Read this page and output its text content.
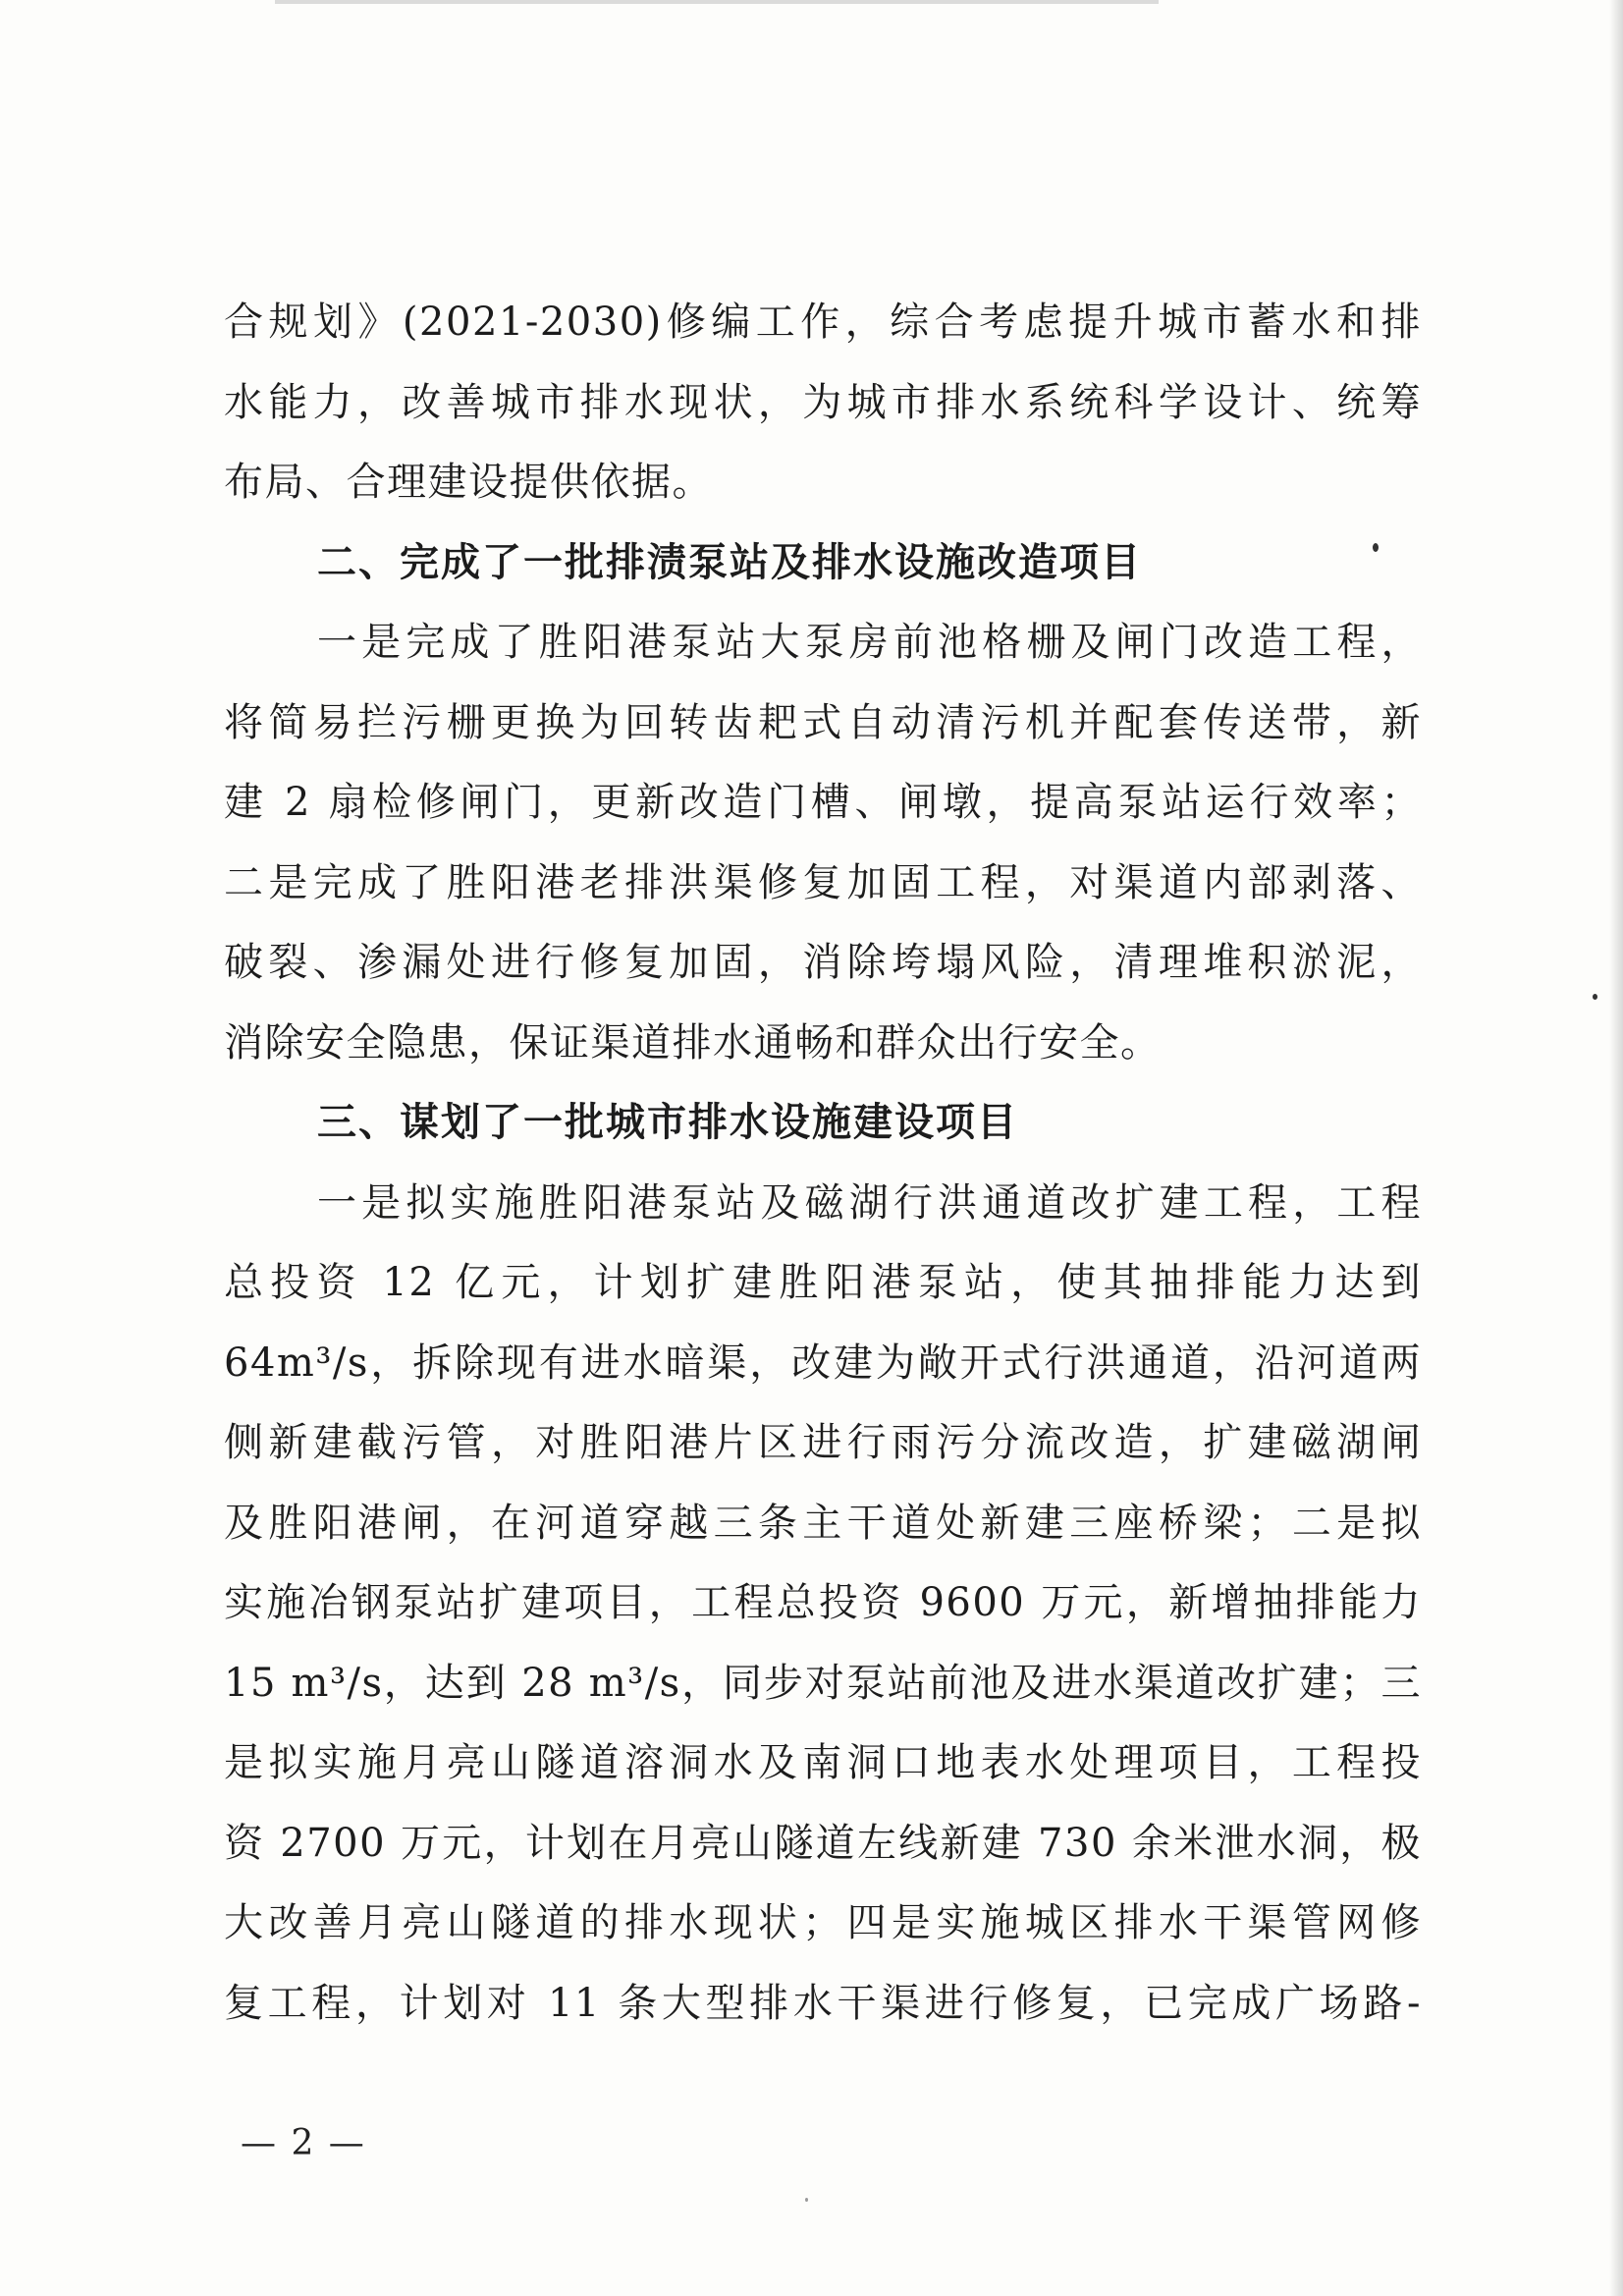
合规划》(2021-2030)修编工作，综合考虑提升城市蓄水和排
水能力，改善城市排水现状，为城市排水系统科学设计、统筹
布局、合理建设提供依据。
二、完成了一批排渍泵站及排水设施改造项目
一是完成了胜阳港泵站大泵房前池格栅及闸门改造工程，
将简易拦污栅更换为回转齿耙式自动清污机并配套传送带，新
建 2 扇检修闸门，更新改造门槽、闸墩，提高泵站运行效率；
二是完成了胜阳港老排洪渠修复加固工程，对渠道内部剥落、
破裂、渗漏处进行修复加固，消除垮塌风险，清理堆积淤泥，
消除安全隐患，保证渠道排水通畅和群众出行安全。
三、谋划了一批城市排水设施建设项目
一是拟实施胜阳港泵站及磁湖行洪通道改扩建工程，工程
总投资 12 亿元，计划扩建胜阳港泵站，使其抽排能力达到
64m³/s，拆除现有进水暗渠，改建为敞开式行洪通道，沿河道两
侧新建截污管，对胜阳港片区进行雨污分流改造，扩建磁湖闸
及胜阳港闸，在河道穿越三条主干道处新建三座桥梁；二是拟
实施冶钢泵站扩建项目，工程总投资 9600 万元，新增抽排能力
15 m³/s，达到 28 m³/s，同步对泵站前池及进水渠道改扩建；三
是拟实施月亮山隧道溶洞水及南洞口地表水处理项目，工程投
资 2700 万元，计划在月亮山隧道左线新建 730 余米泄水洞，极
大改善月亮山隧道的排水现状；四是实施城区排水干渠管网修
复工程，计划对 11 条大型排水干渠进行修复，已完成广场路-
— 2 —
